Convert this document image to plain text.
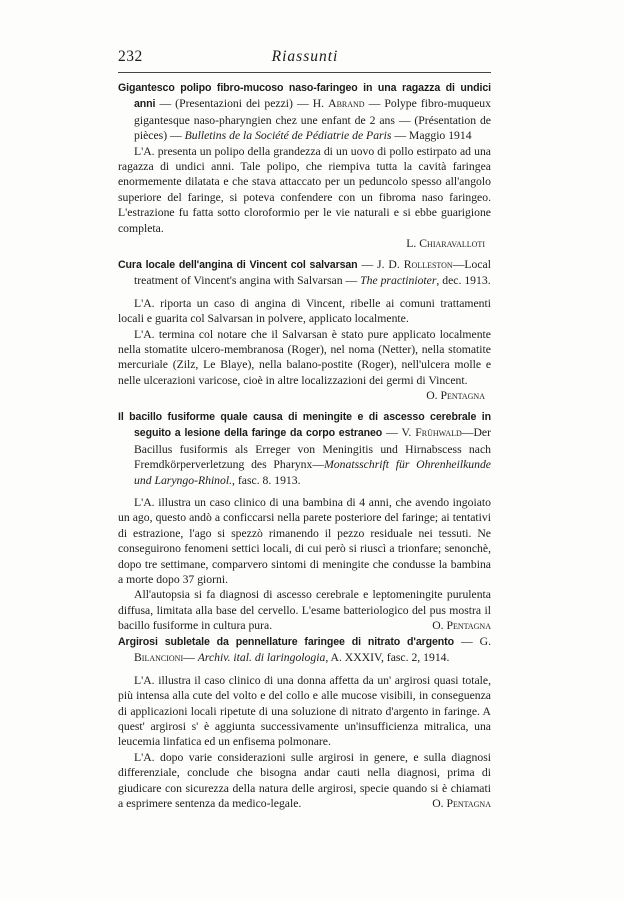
232	Riassunti

Gigantesco polipo fibro-mucoso naso-faringeo in una ragazza di undici anni — (Presentazioni dei pezzi) — H. Abrand — Polype fibro-muqueux gigantesque naso-pharyngien chez une enfant de 2 ans — (Présentation de pièces) — Bulletins de la Société de Pédiatrie de Paris — Maggio 1914

L'A. presenta un polipo della grandezza di un uovo di pollo estirpato ad una ragazza di undici anni. Tale polipo, che riempiva tutta la cavità faringea enormemente dilatata e che stava attaccato per un peduncolo spesso all'angolo superiore del faringe, si poteva confendere con un fibroma naso faringeo. L'estrazione fu fatta sotto cloroformio per le vie naturali e si ebbe guarigione completa.

L. Chiaravalloti

Cura locale dell'angina di Vincent col salvarsan — J. D. Rolleston—Local treatment of Vincent's angina with Salvarsan — The practinioter, dec. 1913.

L'A. riporta un caso di angina di Vincent, ribelle ai comuni trattamenti locali e guarita col Salvarsan in polvere, applicato localmente.

L'A. termina col notare che il Salvarsan è stato pure applicato localmente nella stomatite ulcero-membranosa (Roger), nel noma (Netter), nella stomatite mercuriale (Zilz, Le Blaye), nella balano-postite (Roger), nell'ulcera molle e nelle ulcerazioni varicose, cioè in altre localizzazioni dei germi di Vincent.

O. Pentagna

Il bacillo fusiforme quale causa di meningite e di ascesso cerebrale in seguito a lesione della faringe da corpo estraneo — V. Frühwald—Der Bacillus fusiformis als Erreger von Meningitis und Hirnabscess nach Fremdkörperverletzung des Pharynx—Monatsschrift für Ohrenheilkunde und Laryngo-Rhinol., fasc. 8. 1913.

L'A. illustra un caso clinico di una bambina di 4 anni, che avendo ingoiato un ago, questo andò a conficcarsi nella parete posteriore del faringe; ai tentativi di estrazione, l'ago si spezzò rimanendo il pezzo residuale nei tessuti. Ne conseguirono fenomeni settici locali, di cui però si riuscì a trionfare; senonchè, dopo tre settimane, comparvero sintomi di meningite che condusse la bambina a morte dopo 37 giorni.

All'autopsia si fa diagnosi di ascesso cerebrale e leptomeningite purulenta diffusa, limitata alla base del cervello. L'esame batteriologico del pus mostra il bacillo fusiforme in cultura pura.	O. Pentagna

Argirosi subletale da pennellature faringee di nitrato d'argento — G. Bilancioni— Archiv. ital. di laringologia, A. XXXIV, fasc. 2, 1914.

L'A. illustra il caso clinico di una donna affetta da un' argirosi quasi totale, più intensa alla cute del volto e del collo e alle mucose visibili, in conseguenza di applicazioni locali ripetute di una soluzione di nitrato d'argento in faringe. A quest' argirosi s' è aggiunta successivamente un'insufficienza mitralica, una leucemia linfatica ed un enfisema polmonare.

L'A. dopo varie considerazioni sulle argirosi in genere, e sulla diagnosi differenziale, conclude che bisogna andar cauti nella diagnosi, prima di giudicare con sicurezza della natura delle argirosi, specie quando si è chiamati a esprimere sentenza da medico-legale.	O. Pentagna
